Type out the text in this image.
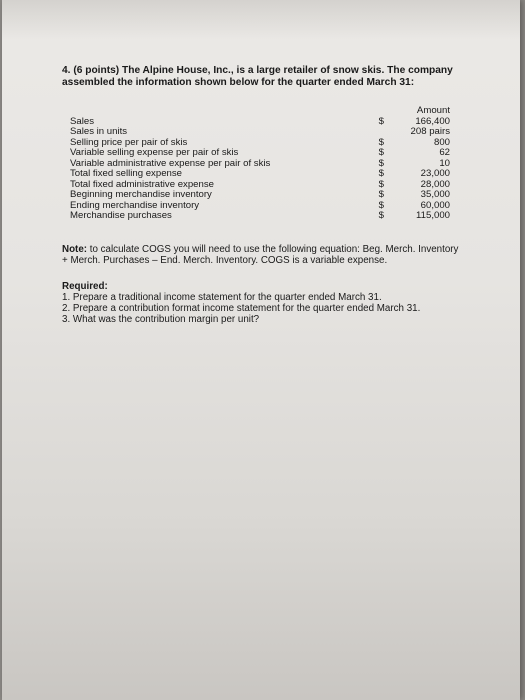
4. (6 points) The Alpine House, Inc., is a large retailer of snow skis. The company
assembled the information shown below for the quarter ended March 31:
		Amount
Sales	$	166,400
Sales in units		208 pairs
Selling price per pair of skis	$	800
Variable selling expense per pair of skis	$	62
Variable administrative expense per pair of skis	$	10
Total fixed selling expense	$	23,000
Total fixed administrative expense	$	28,000
Beginning merchandise inventory	$	35,000
Ending merchandise inventory	$	60,000
Merchandise purchases	$	115,000
Note: to calculate COGS you will need to use the following equation: Beg. Merch. Inventory
+ Merch. Purchases – End. Merch. Inventory. COGS is a variable expense.
Required:
1. Prepare a traditional income statement for the quarter ended March 31.
2. Prepare a contribution format income statement for the quarter ended March 31.
3. What was the contribution margin per unit?
